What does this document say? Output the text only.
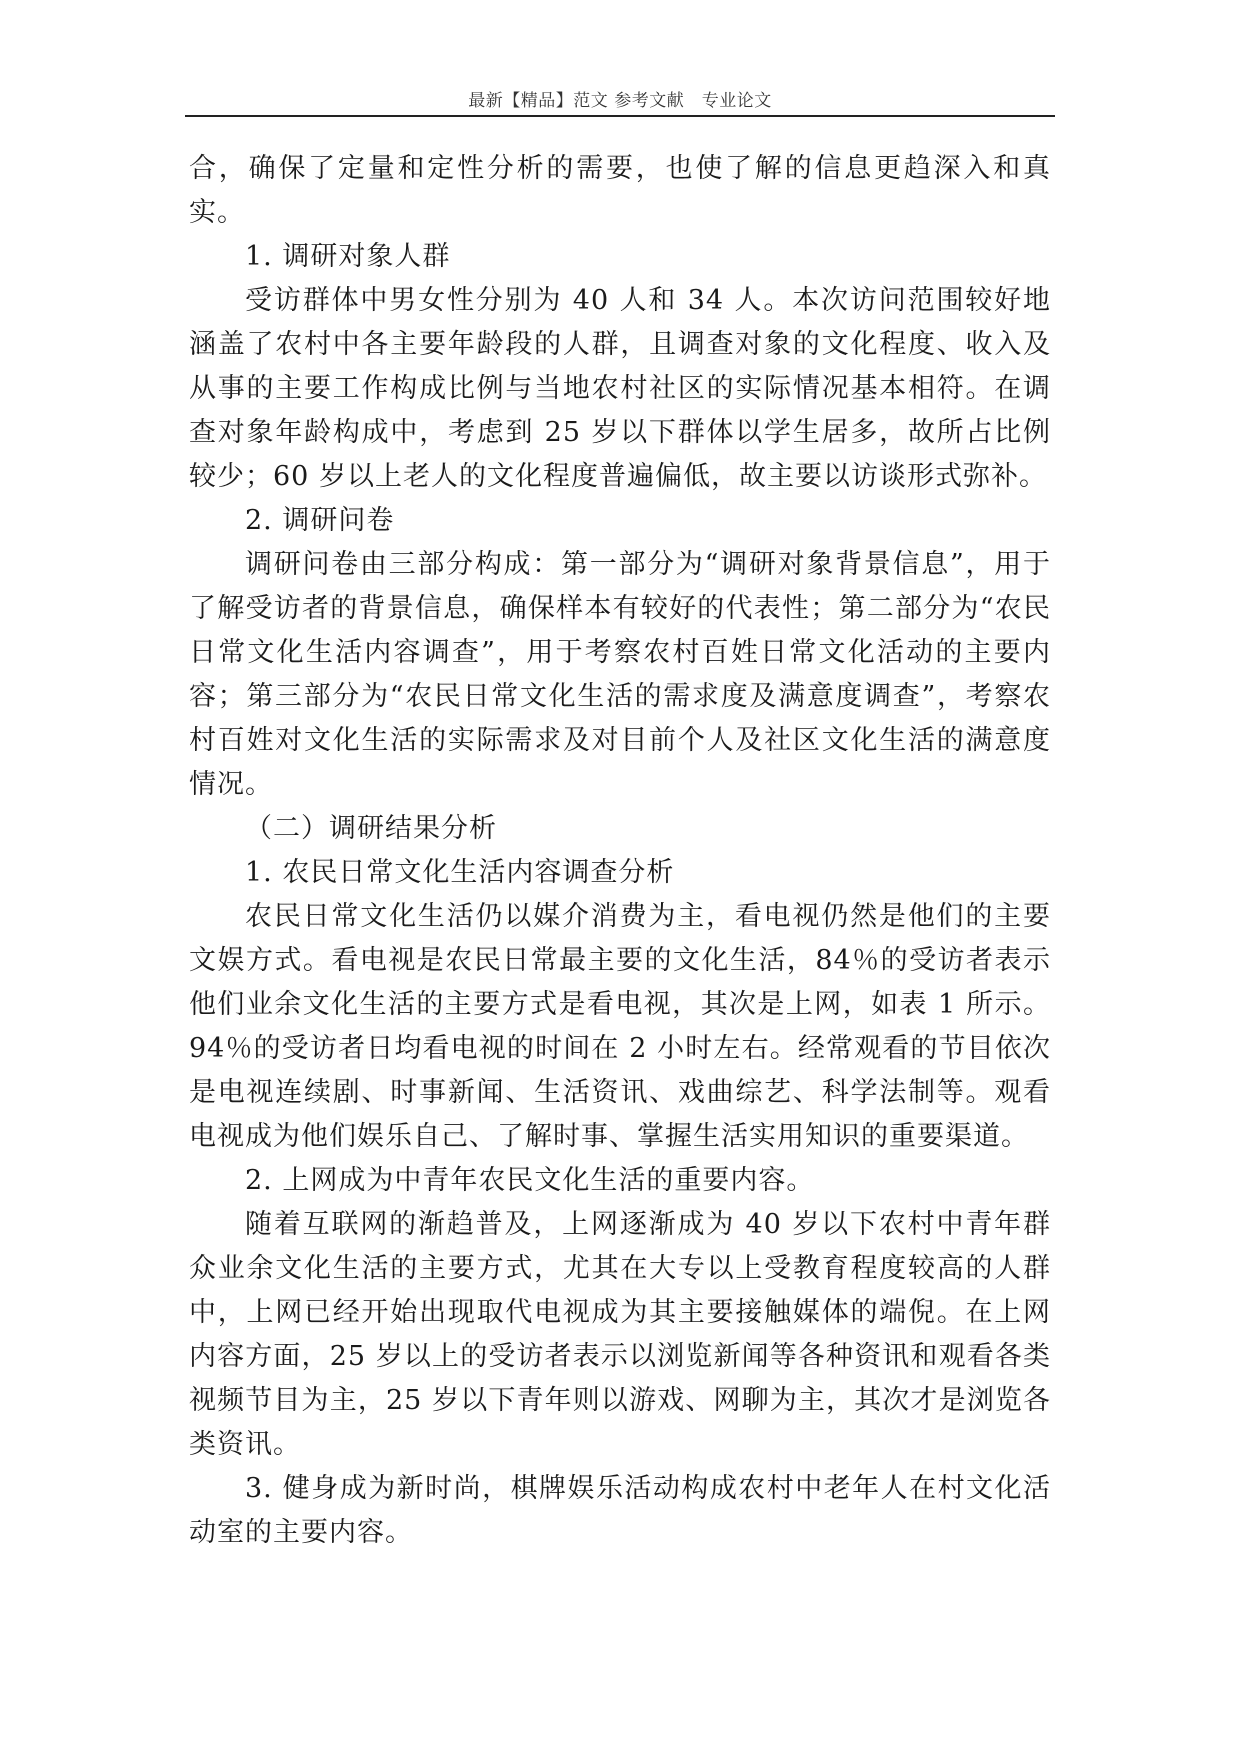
最新【精品】范文 参考文献　专业论文

合，确保了定量和定性分析的需要，也使了解的信息更趋深入和真实。

1. 调研对象人群

受访群体中男女性分别为 40 人和 34 人。本次访问范围较好地涵盖了农村中各主要年龄段的人群，且调查对象的文化程度、收入及从事的主要工作构成比例与当地农村社区的实际情况基本相符。在调查对象年龄构成中，考虑到 25 岁以下群体以学生居多，故所占比例较少；60 岁以上老人的文化程度普遍偏低，故主要以访谈形式弥补。

2. 调研问卷

调研问卷由三部分构成：第一部分为“调研对象背景信息”，用于了解受访者的背景信息，确保样本有较好的代表性；第二部分为“农民日常文化生活内容调查”，用于考察农村百姓日常文化活动的主要内容；第三部分为“农民日常文化生活的需求度及满意度调查”，考察农村百姓对文化生活的实际需求及对目前个人及社区文化生活的满意度情况。

（二）调研结果分析

1. 农民日常文化生活内容调查分析

农民日常文化生活仍以媒介消费为主，看电视仍然是他们的主要文娱方式。看电视是农民日常最主要的文化生活，84％的受访者表示他们业余文化生活的主要方式是看电视，其次是上网，如表 1 所示。94％的受访者日均看电视的时间在 2 小时左右。经常观看的节目依次是电视连续剧、时事新闻、生活资讯、戏曲综艺、科学法制等。观看电视成为他们娱乐自己、了解时事、掌握生活实用知识的重要渠道。

2. 上网成为中青年农民文化生活的重要内容。

随着互联网的渐趋普及，上网逐渐成为 40 岁以下农村中青年群众业余文化生活的主要方式，尤其在大专以上受教育程度较高的人群中，上网已经开始出现取代电视成为其主要接触媒体的端倪。在上网内容方面，25 岁以上的受访者表示以浏览新闻等各种资讯和观看各类视频节目为主，25 岁以下青年则以游戏、网聊为主，其次才是浏览各类资讯。

3. 健身成为新时尚，棋牌娱乐活动构成农村中老年人在村文化活动室的主要内容。
